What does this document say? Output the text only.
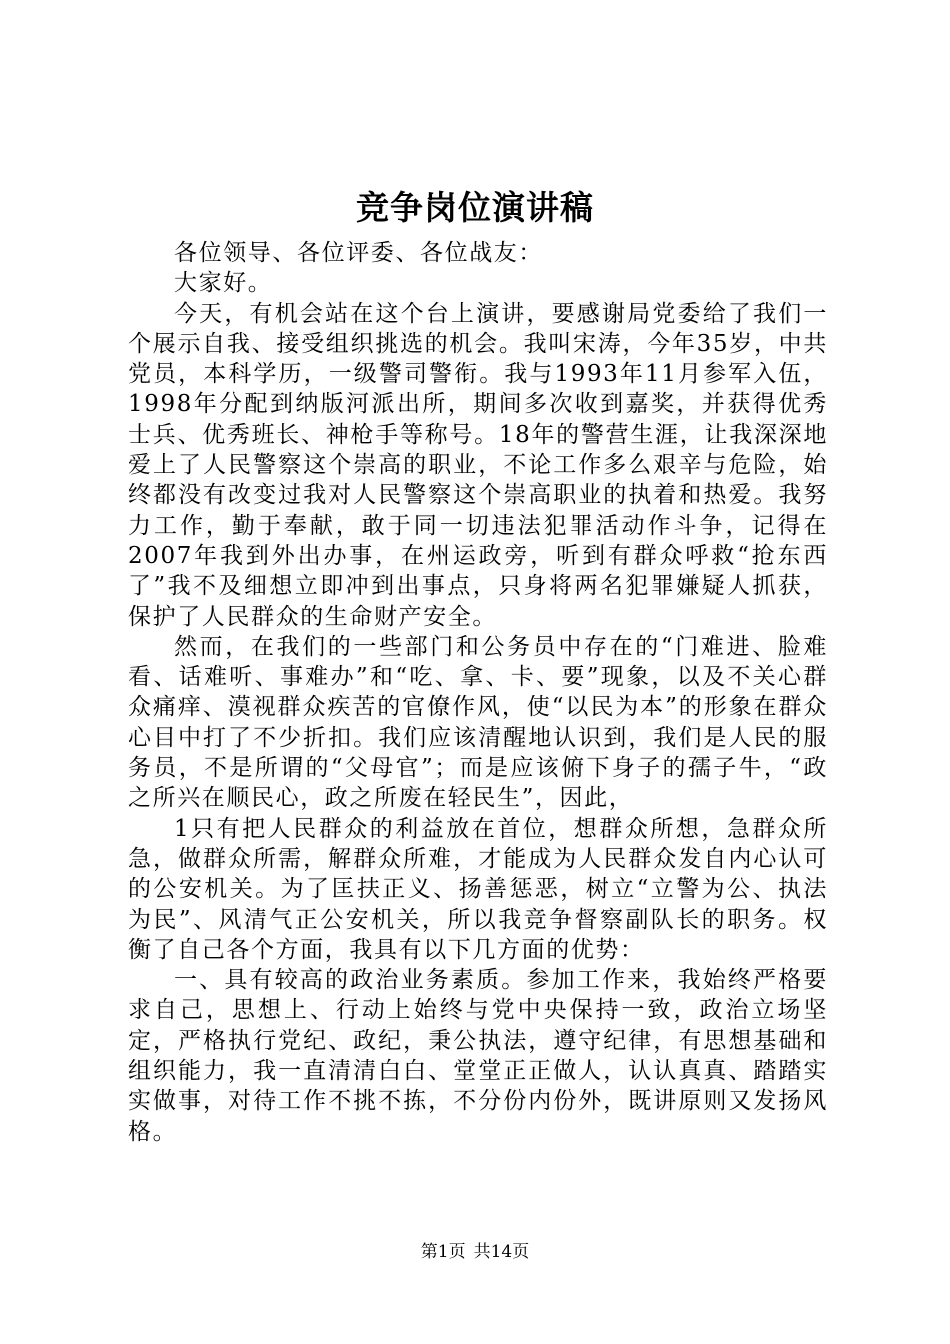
竞争岗位演讲稿

各位领导、各位评委、各位战友：

大家好。

今天，有机会站在这个台上演讲，要感谢局党委给了我们一个展示自我、接受组织挑选的机会。我叫宋涛，今年35岁，中共党员，本科学历，一级警司警衔。我与1993年11月参军入伍，1998年分配到纳版河派出所，期间多次收到嘉奖，并获得优秀士兵、优秀班长、神枪手等称号。18年的警营生涯，让我深深地爱上了人民警察这个崇高的职业，不论工作多么艰辛与危险，始终都没有改变过我对人民警察这个崇高职业的执着和热爱。我努力工作，勤于奉献，敢于同一切违法犯罪活动作斗争，记得在2007年我到外出办事，在州运政旁，听到有群众呼救“抢东西了”我不及细想立即冲到出事点，只身将两名犯罪嫌疑人抓获，保护了人民群众的生命财产安全。

然而，在我们的一些部门和公务员中存在的“门难进、脸难看、话难听、事难办”和“吃、拿、卡、要”现象，以及不关心群众痛痒、漠视群众疾苦的官僚作风，使“以民为本”的形象在群众心目中打了不少折扣。我们应该清醒地认识到，我们是人民的服务员，不是所谓的“父母官”；而是应该俯下身子的孺子牛，“政之所兴在顺民心，政之所废在轻民生”，因此，

1只有把人民群众的利益放在首位，想群众所想，急群众所急，做群众所需，解群众所难，才能成为人民群众发自内心认可的公安机关。为了匡扶正义、扬善惩恶，树立“立警为公、执法为民”、风清气正公安机关，所以我竞争督察副队长的职务。权衡了自己各个方面，我具有以下几方面的优势：

一、具有较高的政治业务素质。参加工作来，我始终严格要求自己，思想上、行动上始终与党中央保持一致，政治立场坚定，严格执行党纪、政纪，秉公执法，遵守纪律，有思想基础和组织能力，我一直清清白白、堂堂正正做人，认认真真、踏踏实实做事，对待工作不挑不拣，不分份内份外，既讲原则又发扬风格。

第1页 共14页
